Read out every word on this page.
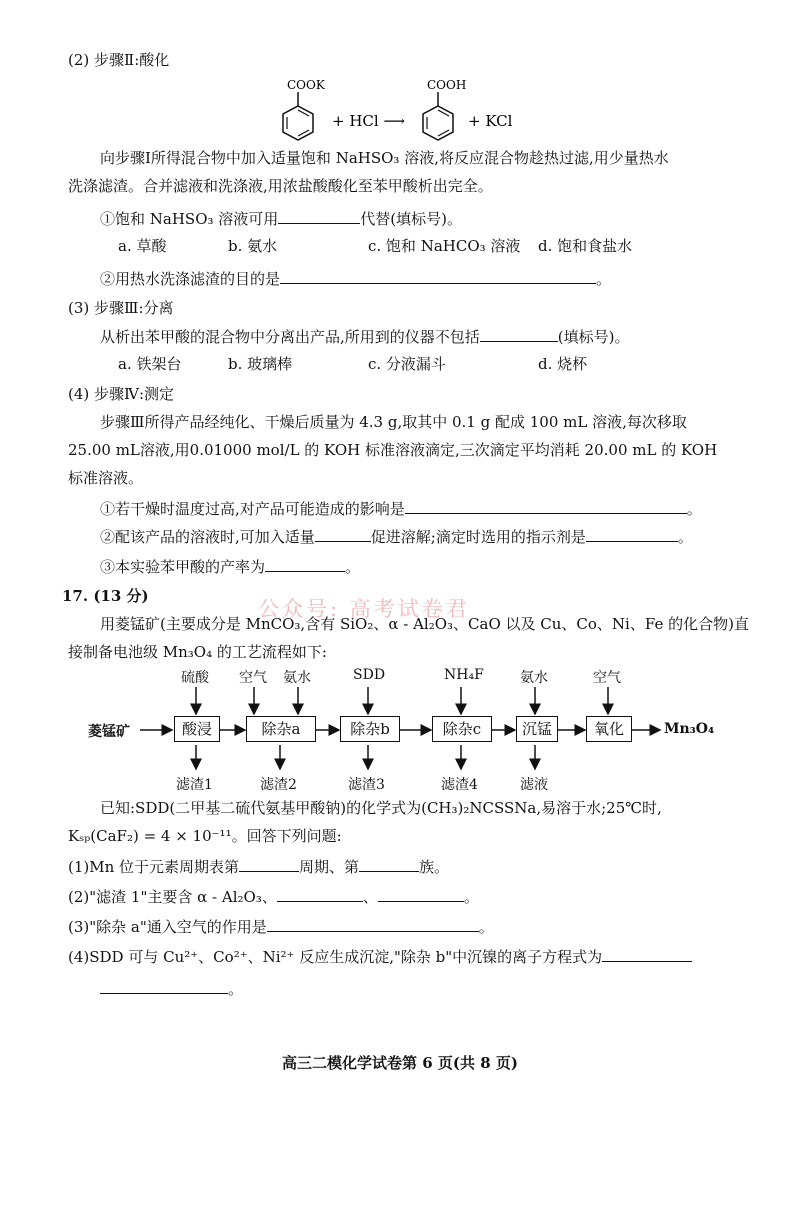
(2) 步骤Ⅱ:酸化
COOK
+ HCl ⟶
COOH
+ KCl
向步骤Ⅰ所得混合物中加入适量饱和 NaHSO₃ 溶液,将反应混合物趁热过滤,用少量热水
洗涤滤渣。合并滤液和洗涤液,用浓盐酸酸化至苯甲酸析出完全。
①饱和 NaHSO₃ 溶液可用	代替(填标号)。
a. 草酸	b. 氨水	c. 饱和 NaHCO₃ 溶液 d. 饱和食盐水
②用热水洗涤滤渣的目的是	。
(3) 步骤Ⅲ:分离
从析出苯甲酸的混合物中分离出产品,所用到的仪器不包括	(填标号)。
a. 铁架台	b. 玻璃棒	c. 分液漏斗	d. 烧杯
(4) 步骤Ⅳ:测定
步骤Ⅲ所得产品经纯化、干燥后质量为 4.3 g,取其中 0.1 g 配成 100 mL 溶液,每次移取
25.00 mL溶液,用0.01000 mol/L 的 KOH 标准溶液滴定,三次滴定平均消耗 20.00 mL 的 KOH
标准溶液。
①若干燥时温度过高,对产品可能造成的影响是	。
②配该产品的溶液时,可加入适量	促进溶解;滴定时选用的指示剂是	。
③本实验苯甲酸的产率为	。
17. (13 分)
公众号: 高考试卷君
用菱锰矿(主要成分是 MnCO₃,含有 SiO₂、α - Al₂O₃、CaO 以及 Cu、Co、Ni、Fe 的化合物)直
接制备电池级 Mn₃O₄ 的工艺流程如下:
菱锰矿	Mn₃O₄
硫酸 空气 氨水	SDD	NH₄F	氨水	空气
酸浸	除杂a	除杂b	除杂c	沉锰	氧化
滤渣1	滤渣2	滤渣3	滤渣4	滤液
已知:SDD(二甲基二硫代氨基甲酸钠)的化学式为(CH₃)₂NCSSNa,易溶于水;25℃时,
Kₛₚ(CaF₂) = 4 × 10⁻¹¹。回答下列问题:
(1)Mn 位于元素周期表第	周期、第	族。
(2)"滤渣 1"主要含 α - Al₂O₃、	、	。
(3)"除杂 a"通入空气的作用是	。
(4)SDD 可与 Cu²⁺、Co²⁺、Ni²⁺ 反应生成沉淀,"除杂 b"中沉镍的离子方程式为
。
高三二模化学试卷第 6 页(共 8 页)
